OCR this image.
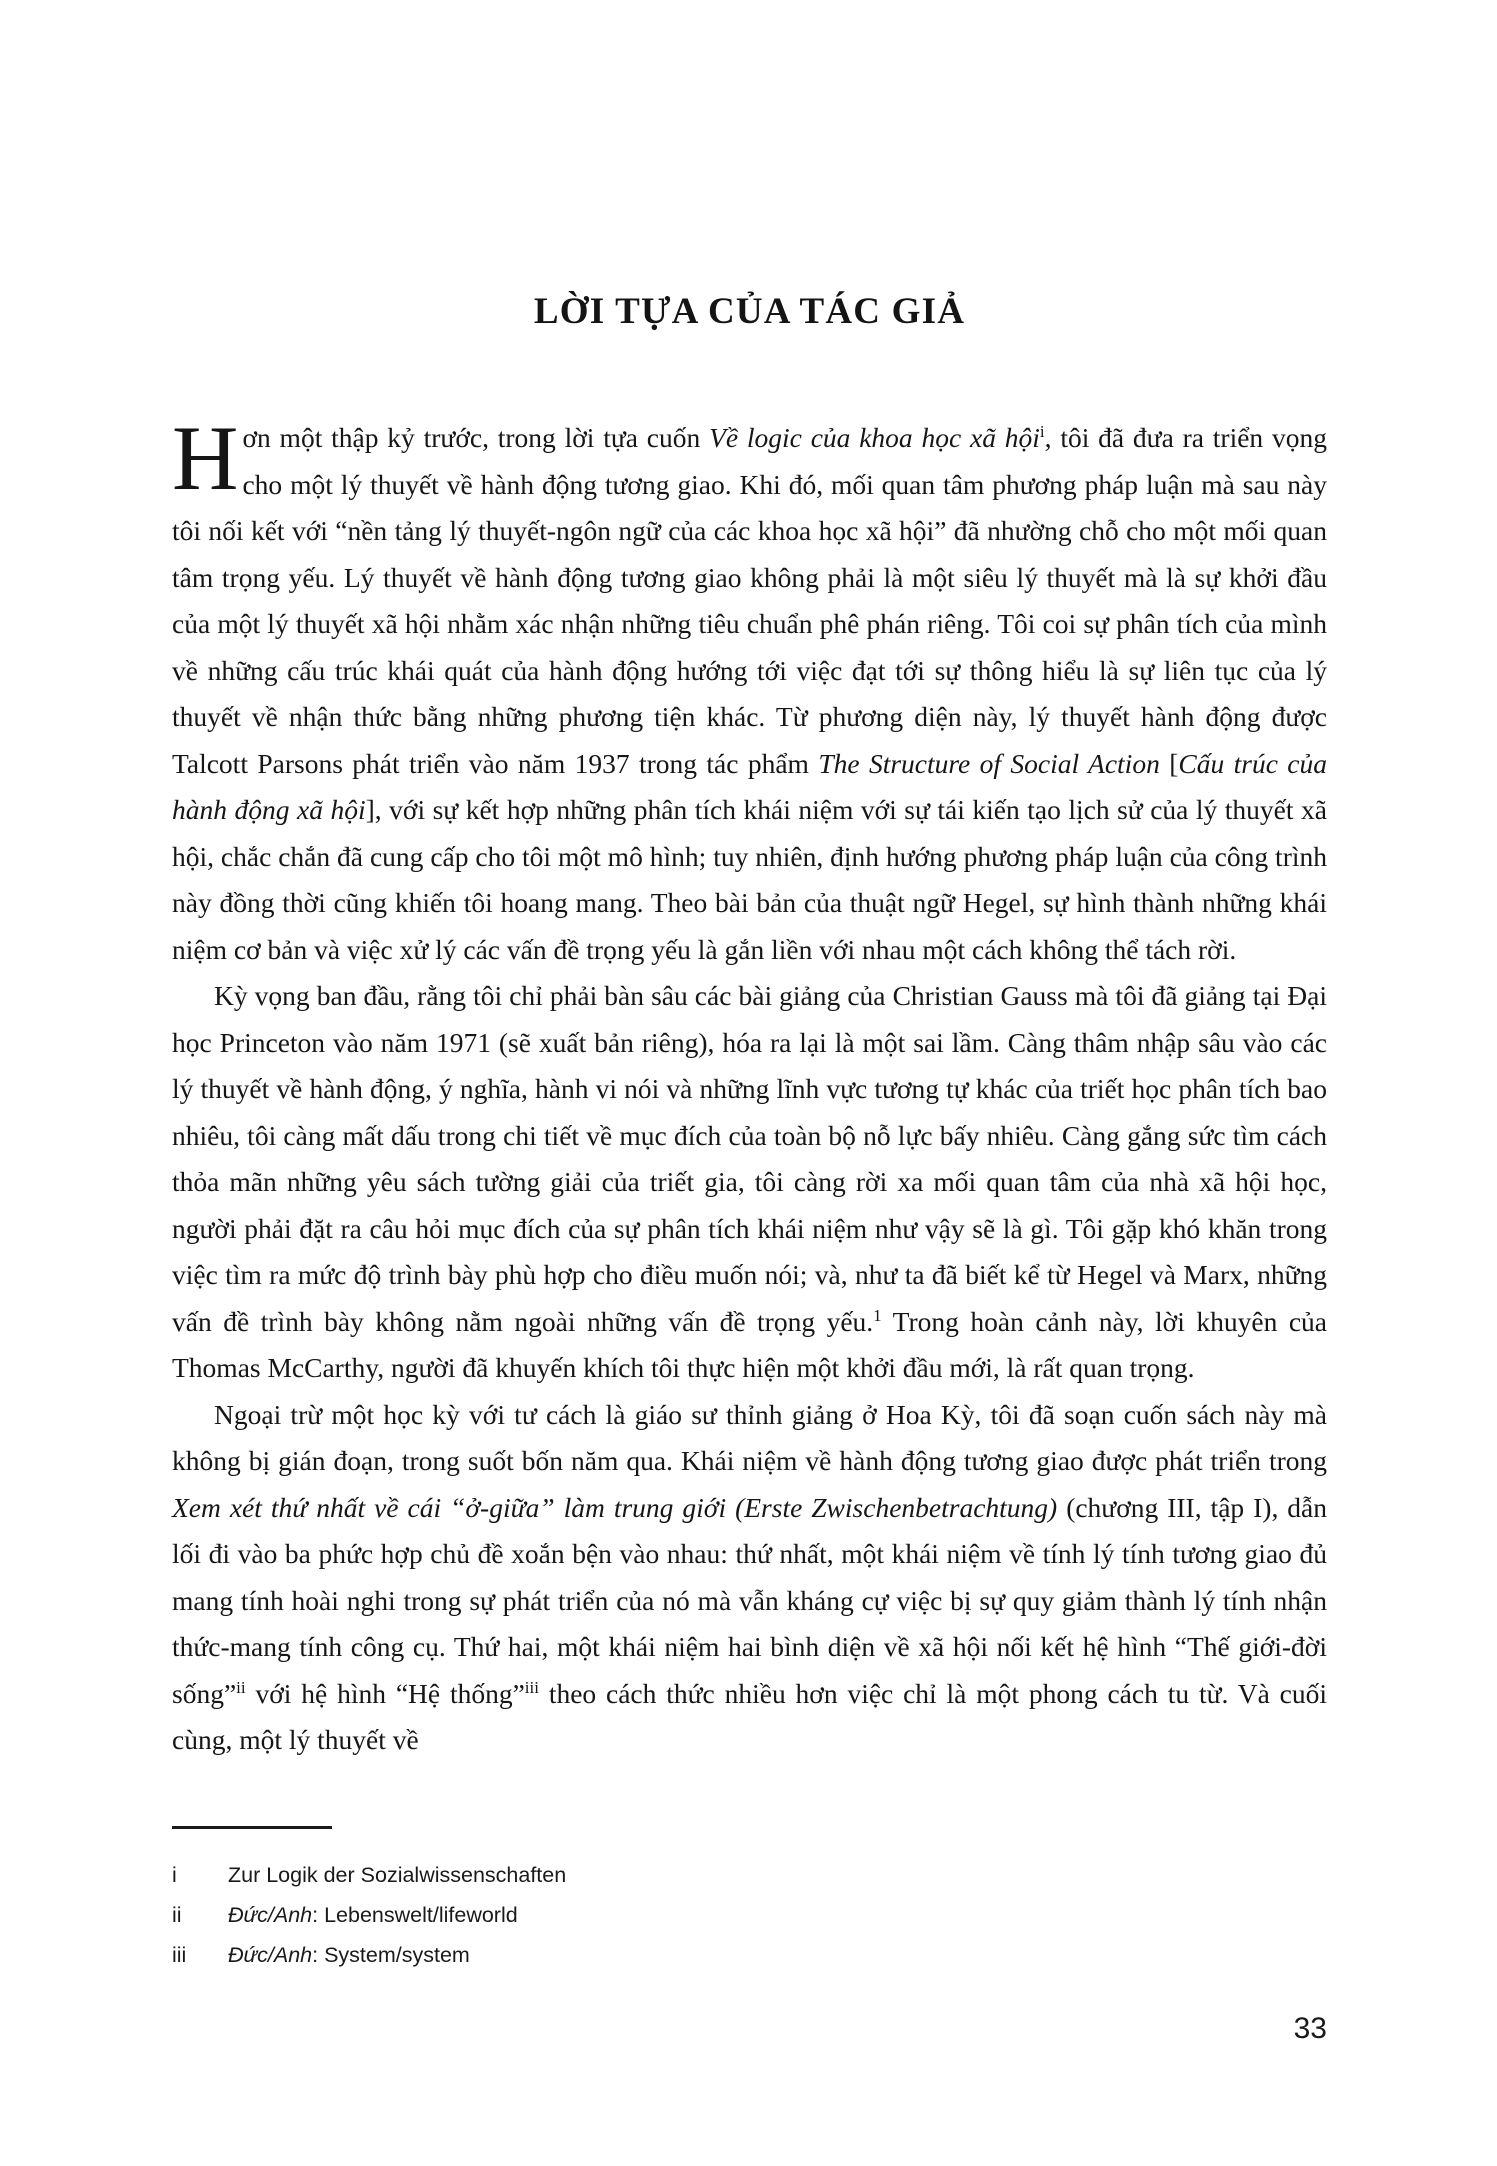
LỜI TỰA CỦA TÁC GIẢ

Hơn một thập kỷ trước, trong lời tựa cuốn Về logic của khoa học xã hội$^i$, tôi đã đưa ra triển vọng cho một lý thuyết về hành động tương giao. Khi đó, mối quan tâm phương pháp luận mà sau này tôi nối kết với “nền tảng lý thuyết-ngôn ngữ của các khoa học xã hội” đã nhường chỗ cho một mối quan tâm trọng yếu. Lý thuyết về hành động tương giao không phải là một siêu lý thuyết mà là sự khởi đầu của một lý thuyết xã hội nhằm xác nhận những tiêu chuẩn phê phán riêng. Tôi coi sự phân tích của mình về những cấu trúc khái quát của hành động hướng tới việc đạt tới sự thông hiểu là sự liên tục của lý thuyết về nhận thức bằng những phương tiện khác. Từ phương diện này, lý thuyết hành động được Talcott Parsons phát triển vào năm 1937 trong tác phẩm The Structure of Social Action [Cấu trúc của hành động xã hội], với sự kết hợp những phân tích khái niệm với sự tái kiến tạo lịch sử của lý thuyết xã hội, chắc chắn đã cung cấp cho tôi một mô hình; tuy nhiên, định hướng phương pháp luận của công trình này đồng thời cũng khiến tôi hoang mang. Theo bài bản của thuật ngữ Hegel, sự hình thành những khái niệm cơ bản và việc xử lý các vấn đề trọng yếu là gắn liền với nhau một cách không thể tách rời.

Kỳ vọng ban đầu, rằng tôi chỉ phải bàn sâu các bài giảng của Christian Gauss mà tôi đã giảng tại Đại học Princeton vào năm 1971 (sẽ xuất bản riêng), hóa ra lại là một sai lầm. Càng thâm nhập sâu vào các lý thuyết về hành động, ý nghĩa, hành vi nói và những lĩnh vực tương tự khác của triết học phân tích bao nhiêu, tôi càng mất dấu trong chi tiết về mục đích của toàn bộ nỗ lực bấy nhiêu. Càng gắng sức tìm cách thỏa mãn những yêu sách tường giải của triết gia, tôi càng rời xa mối quan tâm của nhà xã hội học, người phải đặt ra câu hỏi mục đích của sự phân tích khái niệm như vậy sẽ là gì. Tôi gặp khó khăn trong việc tìm ra mức độ trình bày phù hợp cho điều muốn nói; và, như ta đã biết kể từ Hegel và Marx, những vấn đề trình bày không nằm ngoài những vấn đề trọng yếu.$^1$ Trong hoàn cảnh này, lời khuyên của Thomas McCarthy, người đã khuyến khích tôi thực hiện một khởi đầu mới, là rất quan trọng.

Ngoại trừ một học kỳ với tư cách là giáo sư thỉnh giảng ở Hoa Kỳ, tôi đã soạn cuốn sách này mà không bị gián đoạn, trong suốt bốn năm qua. Khái niệm về hành động tương giao được phát triển trong Xem xét thứ nhất về cái “ở-giữa” làm trung giới (Erste Zwischenbetrachtung) (chương III, tập I), dẫn lối đi vào ba phức hợp chủ đề xoắn bện vào nhau: thứ nhất, một khái niệm về tính lý tính tương giao đủ mang tính hoài nghi trong sự phát triển của nó mà vẫn kháng cự việc bị sự quy giảm thành lý tính nhận thức-mang tính công cụ. Thứ hai, một khái niệm hai bình diện về xã hội nối kết hệ hình “Thế giới-đời sống”$^{ii}$ với hệ hình “Hệ thống”$^{iii}$ theo cách thức nhiều hơn việc chỉ là một phong cách tu từ. Và cuối cùng, một lý thuyết về

i	Zur Logik der Sozialwissenschaften
ii	Đức/Anh: Lebenswelt/lifeworld
iii	Đức/Anh: System/system
33
